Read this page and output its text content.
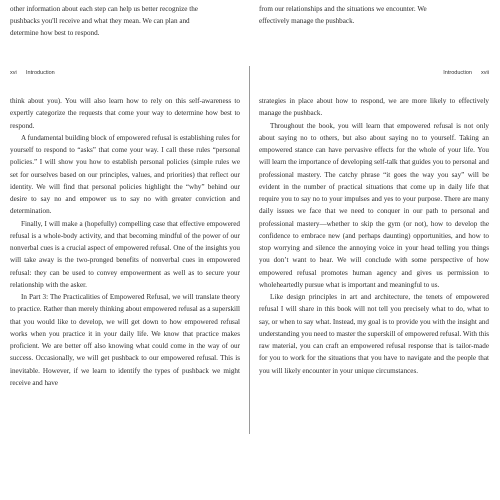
other information about each step can help us better recognize the
pushbacks you'll receive and what they mean. We can plan and
determine how best to respond.
xvi Introduction

think about you). You will also learn how to rely on this self-awareness to expertly categorize the requests that come your way to determine how best to respond.

A fundamental building block of empowered refusal is establishing rules for yourself to respond to “asks” that come your way. I call these rules “personal policies.” I will show you how to establish personal policies (simple rules we set for ourselves based on our principles, values, and priorities) that reflect our identity. We will find that personal policies highlight the “why” behind our desire to say no and empower us to say no with greater conviction and determination.

Finally, I will make a (hopefully) compelling case that effective empowered refusal is a whole-body activity, and that becoming mindful of the power of our nonverbal cues is a crucial aspect of empowered refusal. One of the insights you will take away is the two-pronged benefits of nonverbal cues in empowered refusal: they can be used to convey empowerment as well as to secure your relationship with the asker.

In Part 3: The Practicalities of Empowered Refusal, we will translate theory to practice. Rather than merely thinking about empowered refusal as a superskill that you would like to develop, we will get down to how empowered refusal works when you practice it in your daily life. We know that practice makes proficient. We are better off also knowing what could come in the way of our success. Occasionally, we will get pushback to our empowered refusal. This is inevitable. However, if we learn to identify the types of pushback we might receive and have

from our relationships and the situations we encounter. We
effectively manage the pushback.
Introduction xvii

strategies in place about how to respond, we are more likely to effectively manage the pushback.

Throughout the book, you will learn that empowered refusal is not only about saying no to others, but also about saying no to yourself. Taking an empowered stance can have pervasive effects for the whole of your life. You will learn the importance of developing self-talk that guides you to personal and professional mastery. The catchy phrase “it goes the way you say” will be evident in the number of practical situations that come up in daily life that require you to say no to your impulses and yes to your purpose. There are many daily issues we face that we need to conquer in our path to personal and professional mastery—whether to skip the gym (or not), how to develop the confidence to embrace new (and perhaps daunting) opportunities, and how to stop worrying and silence the annoying voice in your head telling you things you don’t want to hear. We will conclude with some perspective of how empowered refusal promotes human agency and gives us permission to wholeheartedly pursue what is important and meaningful to us.

Like design principles in art and architecture, the tenets of empowered refusal I will share in this book will not tell you precisely what to do, what to say, or when to say what. Instead, my goal is to provide you with the insight and understanding you need to master the superskill of empowered refusal. With this raw material, you can craft an empowered refusal response that is tailor-made for you to work for the situations that you have to navigate and the people that you will likely encounter in your unique circumstances.
